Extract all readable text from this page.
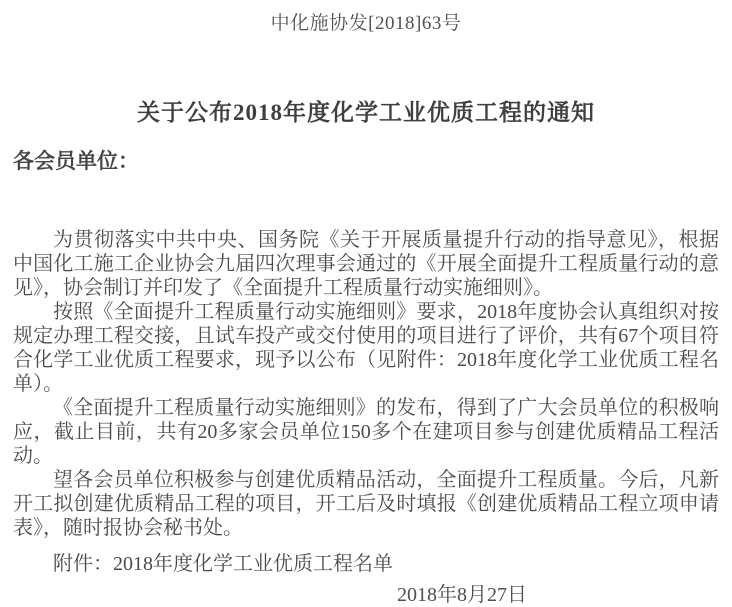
中化施协发[2018]63号
关于公布2018年度化学工业优质工程的通知
各会员单位：

为贯彻落实中共中央、国务院《关于开展质量提升行动的指导意见》，根据中国化工施工企业协会九届四次理事会通过的《开展全面提升工程质量行动的意见》，协会制订并印发了《全面提升工程质量行动实施细则》。

按照《全面提升工程质量行动实施细则》要求，2018年度协会认真组织对按规定办理工程交接，且试车投产或交付使用的项目进行了评价，共有67个项目符合化学工业优质工程要求，现予以公布（见附件：2018年度化学工业优质工程名单）。

《全面提升工程质量行动实施细则》的发布，得到了广大会员单位的积极响应，截止目前，共有20多家会员单位150多个在建项目参与创建优质精品工程活动。

望各会员单位积极参与创建优质精品活动，全面提升工程质量。今后，凡新开工拟创建优质精品工程的项目，开工后及时填报《创建优质精品工程立项申请表》，随时报协会秘书处。

附件：2018年度化学工业优质工程名单
2018年8月27日
